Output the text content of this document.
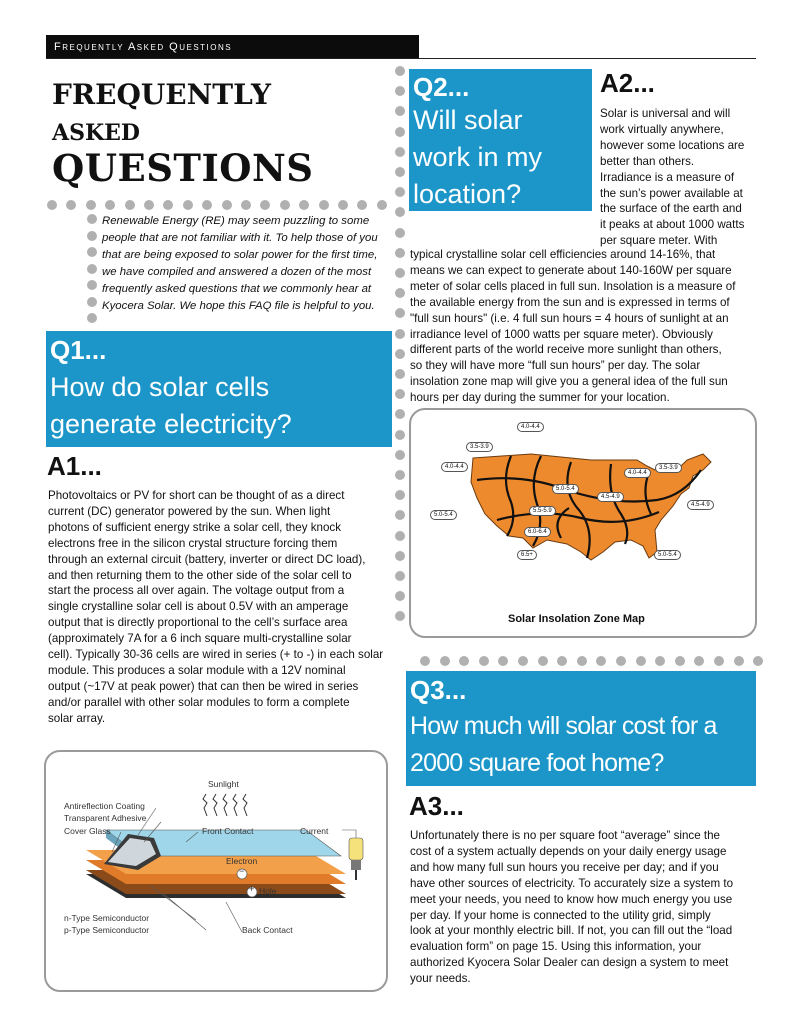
Frequently Asked Questions
FREQUENTLY
ASKED
QUESTIONS
Renewable Energy (RE) may seem puzzling to some
people that are not familiar with it. To help those of you
that are being exposed to solar power for the first time,
we have compiled and answered a dozen of the most
frequently asked questions that we commonly hear at
Kyocera Solar. We hope this FAQ file is helpful to you.
Q1...
How do solar cells
generate electricity?
A1...
Photovoltaics or PV for short can be thought of as a direct
current (DC) generator powered by the sun. When light
photons of sufficient energy strike a solar cell, they knock
electrons free in the silicon crystal structure forcing them
through an external circuit (battery, inverter or direct DC load),
and then returning them to the other side of the solar cell to
start the process all over again. The voltage output from a
single crystalline solar cell is about 0.5V with an amperage
output that is directly proportional to the cell’s surface area
(approximately 7A for a 6 inch square multi-crystalline solar
cell). Typically 30-36 cells are wired in series (+ to -) in each solar
module. This produces a solar module with a 12V nominal
output (~17V at peak power) that can then be wired in series
and/or parallel with other solar modules to form a complete
solar array.
Sunlight
Antireflection Coating
Transparent Adhesive
Cover Glass	Front Contact	Current
Electron
−
+ Hole
n-Type Semiconductor
p-Type Semiconductor	Back Contact
Q2...
Will solar
work in my
location?
A2...
Solar is universal and will
work virtually anywhere,
however some locations are
better than others.
Irradiance is a measure of
the sun’s power available at
the surface of the earth and
it peaks at about 1000 watts
per square meter. With
typical crystalline solar cell efficiencies around 14-16%, that
means we can expect to generate about 140-160W per square
meter of solar cells placed in full sun. Insolation is a measure of
the available energy from the sun and is expressed in terms of
"full sun hours" (i.e. 4 full sun hours = 4 hours of sunlight at an
irradiance level of 1000 watts per square meter). Obviously
different parts of the world receive more sunlight than others,
so they will have more “full sun hours” per day. The solar
insolation zone map will give you a general idea of the full sun
hours per day during the summer for your location.
Solar Insolation Zone Map
4.0-4.4
3.5-3.9
4.0-4.4
5.0-5.4
4.0-4.4
3.5-3.9
5.0-5.4
4.5-4.9
5.5-5.9
4.5-4.9
6.0-6.4
6.5+	5.0-5.4
Q3...
How much will solar cost for a
2000 square foot home?
A3...
Unfortunately there is no per square foot “average” since the
cost of a system actually depends on your daily energy usage
and how many full sun hours you receive per day; and if you
have other sources of electricity. To accurately size a system to
meet your needs, you need to know how much energy you use
per day. If your home is connected to the utility grid, simply
look at your monthly electric bill. If not, you can fill out the “load
evaluation form” on page 15. Using this information, your
authorized Kyocera Solar Dealer can design a system to meet
your needs.
